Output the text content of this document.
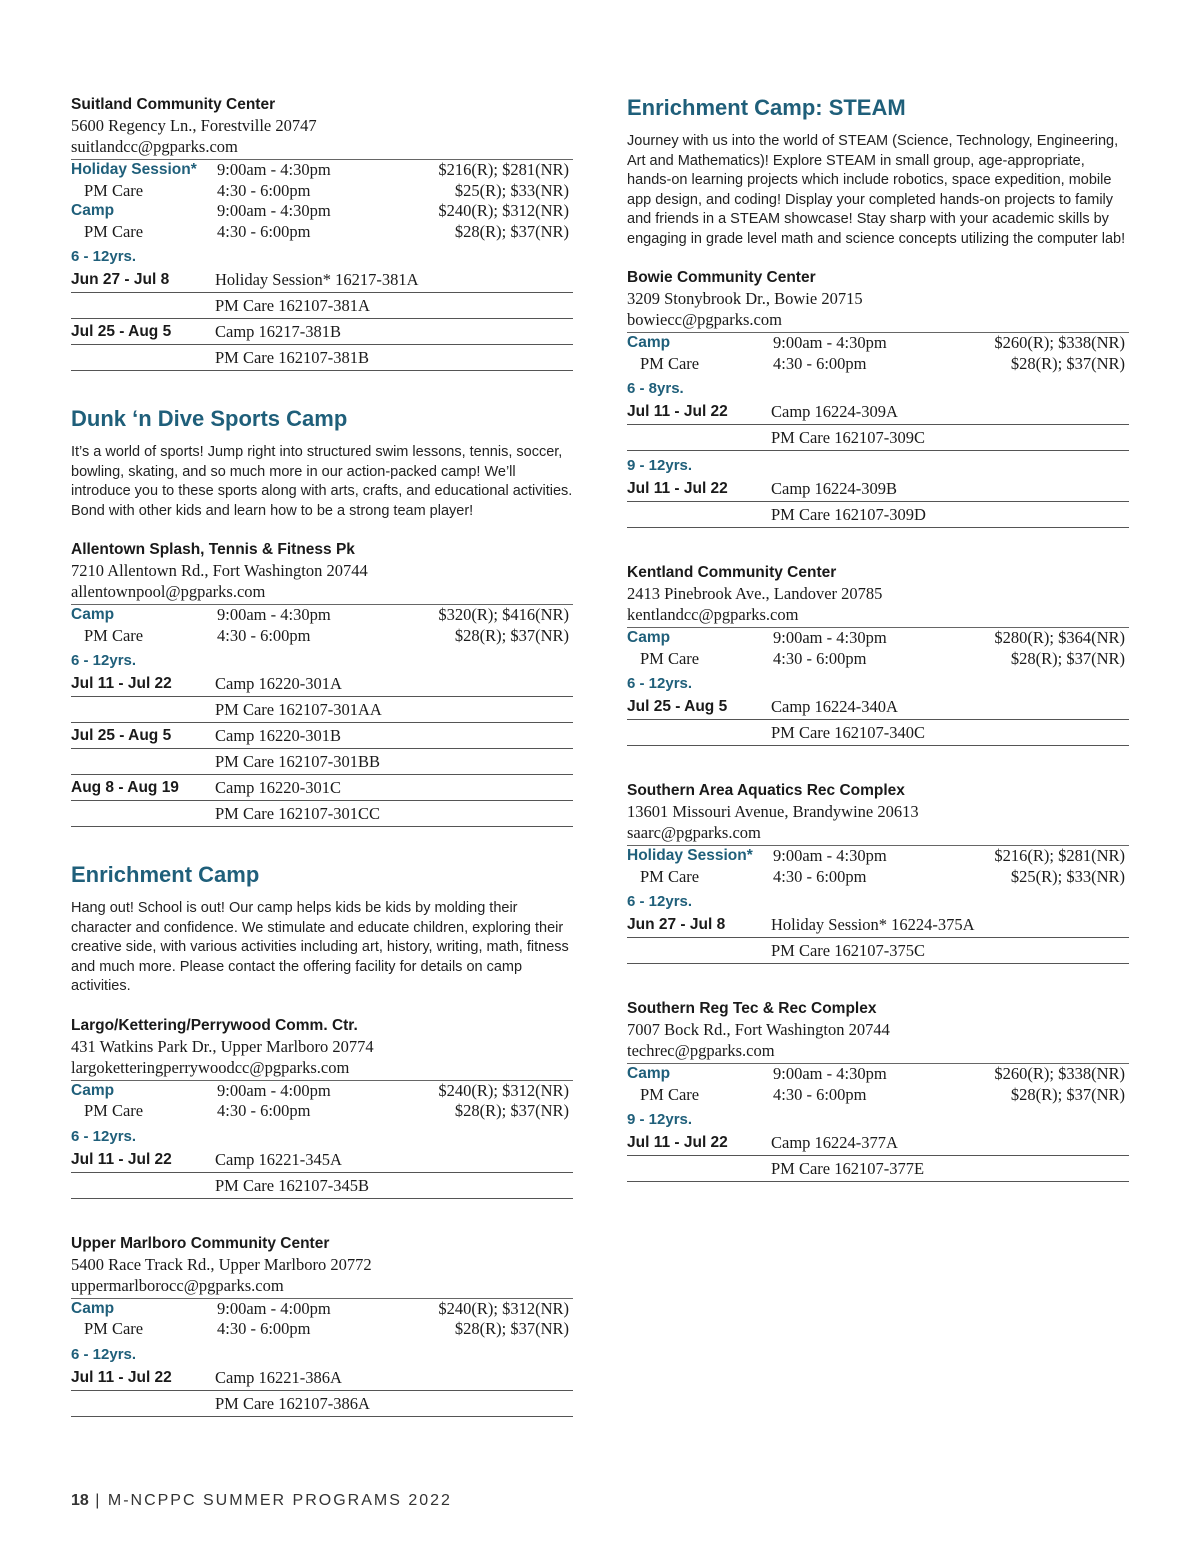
Suitland Community Center
5600 Regency Ln., Forestville 20747
suitlandcc@pgparks.com
Holiday Session*	9:00am - 4:30pm	$216(R); $281(NR)
PM Care	4:30 - 6:00pm	$25(R); $33(NR)
Camp	9:00am - 4:30pm	$240(R); $312(NR)
PM Care	4:30 - 6:00pm	$28(R); $37(NR)
6 - 12yrs.
Jun 27 - Jul 8	Holiday Session* 16217-381A
PM Care 162107-381A
Jul 25 - Aug 5	Camp 16217-381B
PM Care 162107-381B
Dunk ‘n Dive Sports Camp
It’s a world of sports! Jump right into structured swim lessons, tennis, soccer, bowling, skating, and so much more in our action-packed camp! We’ll introduce you to these sports along with arts, crafts, and educational activities. Bond with other kids and learn how to be a strong team player!
Allentown Splash, Tennis & Fitness Pk
7210 Allentown Rd., Fort Washington 20744
allentownpool@pgparks.com
Camp	9:00am - 4:30pm	$320(R); $416(NR)
PM Care	4:30 - 6:00pm	$28(R); $37(NR)
6 - 12yrs.
Jul 11 - Jul 22	Camp 16220-301A
PM Care 162107-301AA
Jul 25 - Aug 5	Camp 16220-301B
PM Care 162107-301BB
Aug 8 - Aug 19	Camp 16220-301C
PM Care 162107-301CC
Enrichment Camp
Hang out! School is out! Our camp helps kids be kids by molding their character and confidence. We stimulate and educate children, exploring their creative side, with various activities including art, history, writing, math, fitness and much more. Please contact the offering facility for details on camp activities.
Largo/Kettering/Perrywood Comm. Ctr.
431 Watkins Park Dr., Upper Marlboro 20774
largoketteringperrywoodcc@pgparks.com
Camp	9:00am - 4:00pm	$240(R); $312(NR)
PM Care	4:30 - 6:00pm	$28(R); $37(NR)
6 - 12yrs.
Jul 11 - Jul 22	Camp 16221-345A
PM Care 162107-345B
Upper Marlboro Community Center
5400 Race Track Rd., Upper Marlboro 20772
uppermarlborocc@pgparks.com
Camp	9:00am - 4:00pm	$240(R); $312(NR)
PM Care	4:30 - 6:00pm	$28(R); $37(NR)
6 - 12yrs.
Jul 11 - Jul 22	Camp 16221-386A
PM Care 162107-386A
Enrichment Camp: STEAM
Journey with us into the world of STEAM (Science, Technology, Engineering, Art and Mathematics)! Explore STEAM in small group, age-appropriate, hands-on learning projects which include robotics, space expedition, mobile app design, and coding! Display your completed hands-on projects to family and friends in a STEAM showcase! Stay sharp with your academic skills by engaging in grade level math and science concepts utilizing the computer lab!
Bowie Community Center
3209 Stonybrook Dr., Bowie 20715
bowiecc@pgparks.com
Camp	9:00am - 4:30pm	$260(R); $338(NR)
PM Care	4:30 - 6:00pm	$28(R); $37(NR)
6 - 8yrs.
Jul 11 - Jul 22	Camp 16224-309A
PM Care 162107-309C
9 - 12yrs.
Jul 11 - Jul 22	Camp 16224-309B
PM Care 162107-309D
Kentland Community Center
2413 Pinebrook Ave., Landover 20785
kentlandcc@pgparks.com
Camp	9:00am - 4:30pm	$280(R); $364(NR)
PM Care	4:30 - 6:00pm	$28(R); $37(NR)
6 - 12yrs.
Jul 25 - Aug 5	Camp 16224-340A
PM Care 162107-340C
Southern Area Aquatics Rec Complex
13601 Missouri Avenue, Brandywine 20613
saarc@pgparks.com
Holiday Session*	9:00am - 4:30pm	$216(R); $281(NR)
PM Care	4:30 - 6:00pm	$25(R); $33(NR)
6 - 12yrs.
Jun 27 - Jul 8	Holiday Session* 16224-375A
PM Care 162107-375C
Southern Reg Tec & Rec Complex
7007 Bock Rd., Fort Washington 20744
techrec@pgparks.com
Camp	9:00am - 4:30pm	$260(R); $338(NR)
PM Care	4:30 - 6:00pm	$28(R); $37(NR)
9 - 12yrs.
Jul 11 - Jul 22	Camp 16224-377A
PM Care 162107-377E
18 | M-NCPPC SUMMER PROGRAMS 2022
